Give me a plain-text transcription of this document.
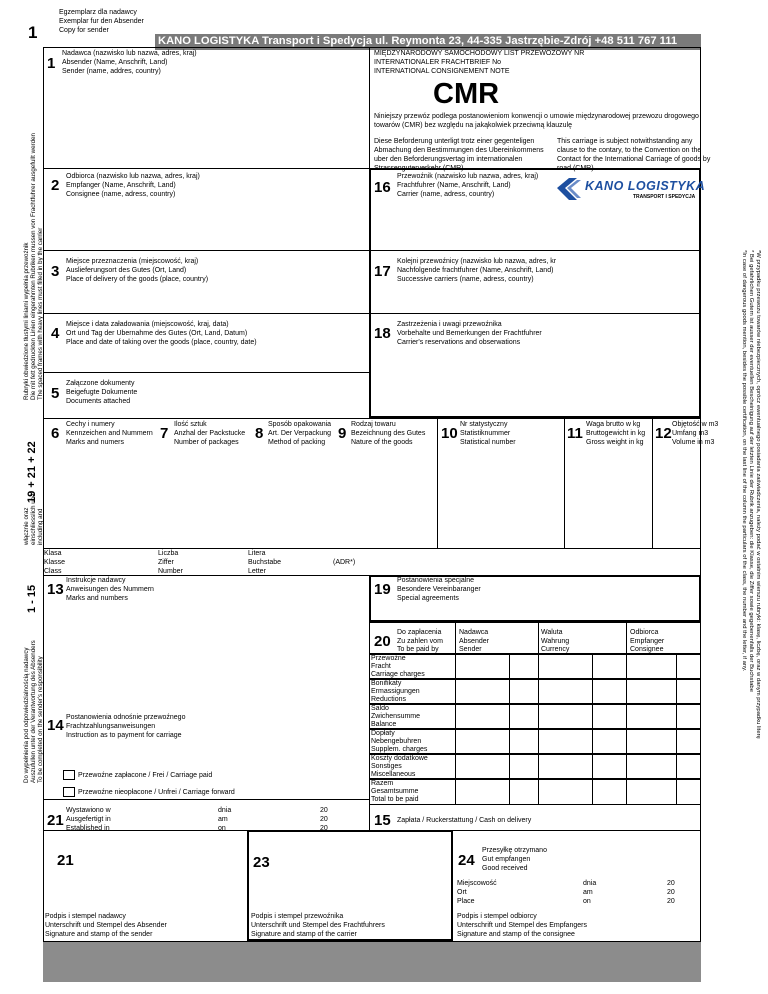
1
Egzemplarz dla nadawcy
Exemplar fur den Absender
Copy for sender
KANO LOGISTYKA Transport i Spedycja ul. Reymonta 23, 44-335 Jastrzębie-Zdrój +48 511 767 111
1
Nadawca (nazwisko lub nazwa, adres, kraj)
Absender (Name, Anschrift, Land)
Sender (name, addres, country)
MIĘDZYNARODOWY SAMOCHODOWY LIST PRZEWOZOWY NR
INTERNATIONALER FRACHTBRIEF No
INTERNATIONAL CONSIGNEMENT NOTE
CMR
Niniejszy przewóz podlega postanowieniom konwencji o umowie międzynarodowej przewozu drogowego
towarów (CMR) bez względu na jakąkolwiek przeciwną klauzulę
Diese Beforderung unterligt trotz einer gegenteligen
Abmachung den Bestimmungen des Ubereinkommens
uber den Beforderungsvertag im internationalen
Strassenguterverkehr (CMR)
This carriage is subject notwithstanding any
clause to the contary, to the Convention on the
Contact for the International Carriage of goods by
road (CMR)
2
Odbiorca (nazwisko lub nazwa, adres, kraj)
Empfanger (Name, Anschrift, Land)
Consignee (name, adress, country)	16
Przewoźnik (nazwisko lub nazwa, adres, kraj)
Frachtfuhrer (Name, Anschrift, Land)
Carrier (name, adress, country)
KANO LOGISTYKA
TRANSPORT I SPEDYCJA
3
Miejsce przeznaczenia (miejscowość, kraj)
Auslieferungsort des Gutes (Ort, Land)
Place of delivery of the goods (place, country)	17
Kolejni przewoźnicy (nazwisko lub nazwa, adres, kr
Nachfolgende frachtfuhrer (Name, Anschrift, Land)
Successive carriers (name, adress, country)
4
Miejsce i data załadowania (miejscowość, kraj, data)
Ort und Tag der Ubernahme des Gutes (Ort, Land, Datum)
Place and date of taking over the goods (place, country, date)
18
Zastrzeżenia i uwagi przewoźnika
Vorbehalte und Bemerkungen der Frachtfuhrer
Carrier's reservations and obserwations
5
Załączone dokumenty
Beigefugte Dokumente
Documents attached
6
Cechy i numery
Kennzeichen and Nummern
Marks and numers
7
Ilość sztuk
Anzhal der Packstucke
Number of packages
8
Sposób opakowania
Art. Der Verpackung
Method of packing
9
Rodzaj towaru
Bezeichnung des Gutes
Nature of the goods
10
Nr statystyczny
Statistiknummer
Statistical number
11
Waga brutto w kg
Bruttogewicht in kg
Gross weight in kg
12
Objętość w m3
Umfang m3
Volume in m3
Klasa
Klasse
Class
Liczba
Ziffer
Number
Litera
Buchstabe
Letter
(ADR*)
13
Instrukcje nadawcy
Anweisungen des Nummern
Marks and numbers
19
Postanowienia specjalne
Besondere Vereinbaranger
Special agreements
20
Do zapłacenia
Zu zahlen vom
To be paid by
Nadawca
Absender
Sender
Waluta
Wahrung
Currency
Odbiorca
Empfanger
Consignee
Przewoźne
Fracht
Carriage charges
Bonifikaty
Ermassigungen
Reductions
Saldo
Zwichensumme
Balance
Dopłaty
Nebengebuhren
Supplem. charges
Koszty dodatkowe
Sonstiges
Miscellaneous
Razem
Gesamtsumme
Total to be paid
14 Postanowienia odnośnie przewoźnego
Frachtzahlungsanweisungen
Instruction as to payment for carriage
Przewoźne zapłacone / Frei / Carriage paid
Przewoźne nieopłacone / Unfrei / Carriage forward
21
Wystawiono w
Ausgefertigt in
Established in
dnia
am
on
20
20
20	15 Zapłata / Ruckerstattung / Cash on delivery
21
Podpis i stempel nadawcy
Unterschrift und Stempel des Absender
Signature and stamp of the sender
23
Podpis i stempel przewoźnika
Unterschrift und Stempel des Frachtfuhrers
Signature and stamp of the carrier
24
Przesyłkę otrzymano
Gut empfangen
Good received
Miejscowość
Ort
Place
dnia
am
on
20
20
20
Podpis i stempel odbiorcy
Unterschrift und Stempel des Empfangers
Signature and stamp of the consignee
Rubryki obwiedzione tłustymi liniami wypełnia przewoźnik Die mit fett gedruckten Linien eingerahmten Rubriken mussen von Frachtfuhrer ausgefullt werden The spaced frames with heavy lines must filled in by the carrier
19 + 21 + 22
włącznie oraz einschliesslich und including and
1 - 15
Do wypełnienia pod odpowiedzialnością nadawcy Auszufullen unter der Verantwortung des Absenders To be completed on the sender's responsibility	*W przypadku przewozu towarów niebezpiecznych, oprócz ewentualnego posiadania zaświadczenia, należy podać w ostatnim wierszu rubryki: klasę, liczbę, oraz w danym przypadku literę
* Bei gefahrlichen Gutern ist ausser der eventuellen Bescheinigung auf der letzten Linie der Rubrik anzugeben: die Klasse, die Ziffer sowie gegebenenfalls der Buchstabe
*In case of dangerous goods mention, besides the possible certification, on the last line of the column the particulars of the class, the number and the letter, if any.
